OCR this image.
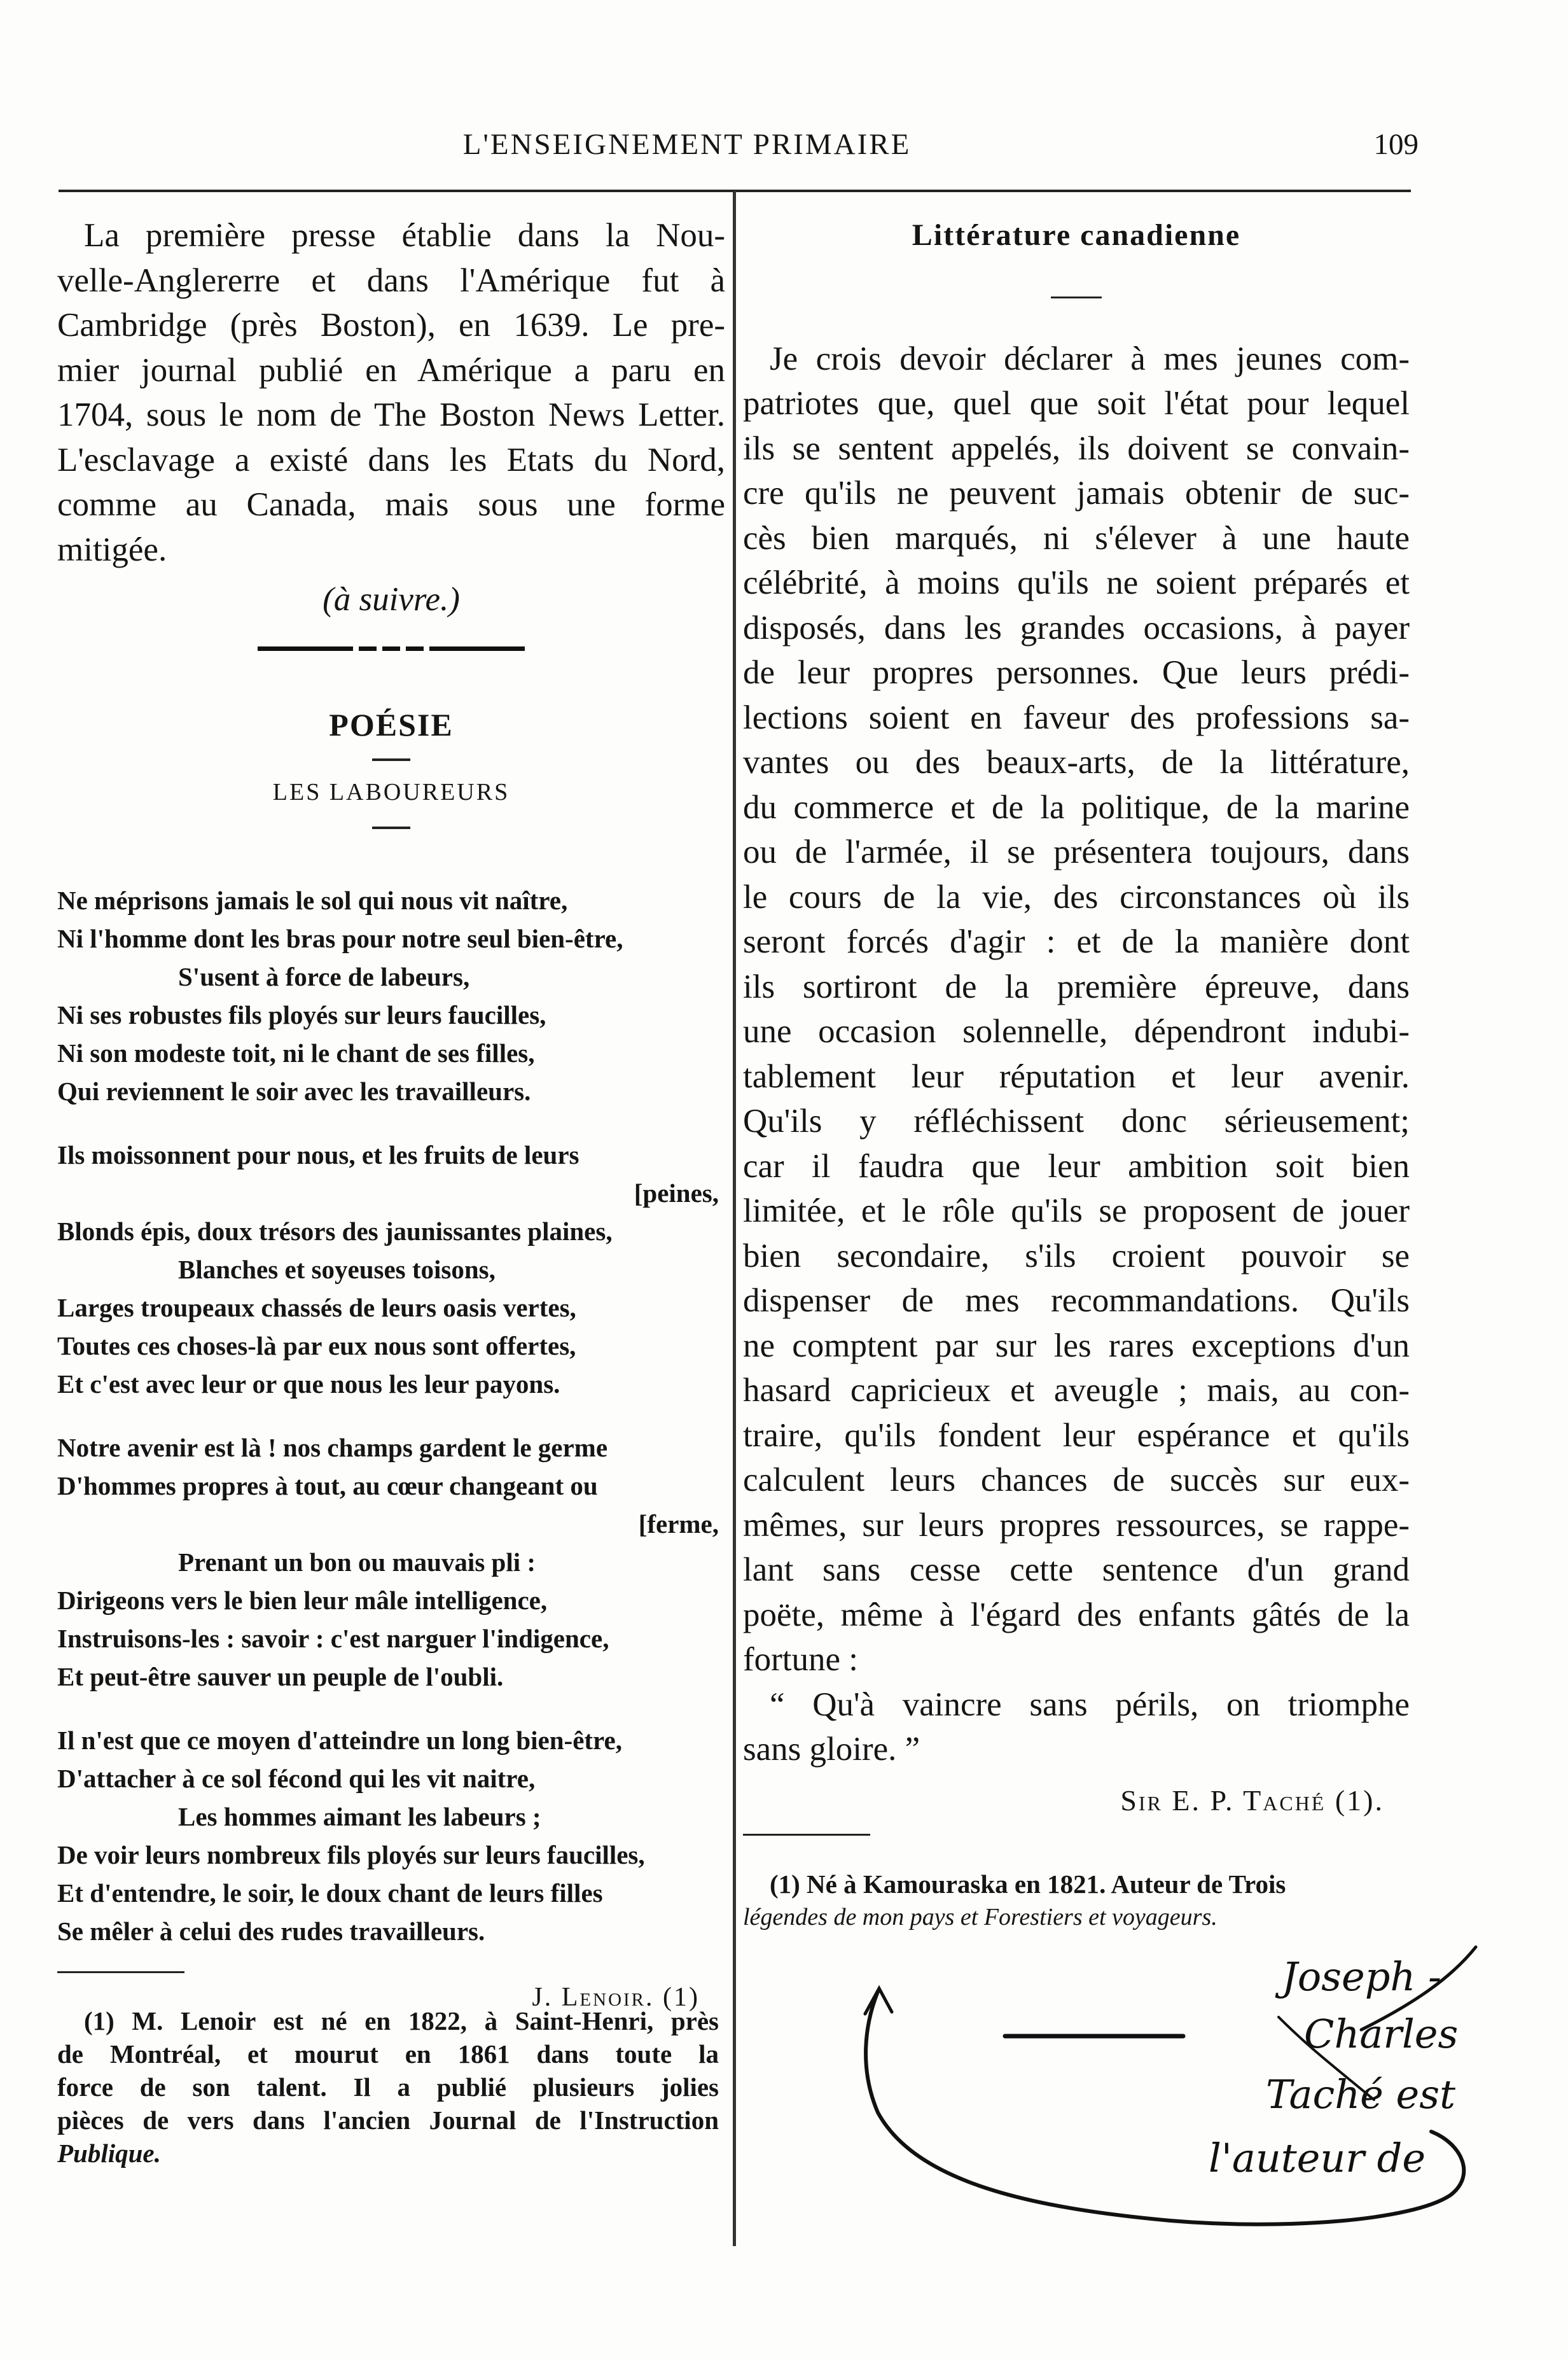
L'ENSEIGNEMENT PRIMAIRE	109
La première presse établie dans la Nou-
velle-Anglererre et dans l'Amérique fut à
Cambridge (près Boston), en 1639. Le pre-
mier journal publié en Amérique a paru en
1704, sous le nom de The Boston News Letter.
L'esclavage a existé dans les Etats du Nord,
comme au Canada, mais sous une forme
mitigée.
(à suivre.)
POÉSIE
LES LABOUREURS
Ne méprisons jamais le sol qui nous vit naître,
Ni l'homme dont les bras pour notre seul bien-être,
S'usent à force de labeurs,
Ni ses robustes fils ployés sur leurs faucilles,
Ni son modeste toit, ni le chant de ses filles,
Qui reviennent le soir avec les travailleurs.
Ils moissonnent pour nous, et les fruits de leurs
[peines,
Blonds épis, doux trésors des jaunissantes plaines,
Blanches et soyeuses toisons,
Larges troupeaux chassés de leurs oasis vertes,
Toutes ces choses-là par eux nous sont offertes,
Et c'est avec leur or que nous les leur payons.
Notre avenir est là ! nos champs gardent le germe
D'hommes propres à tout, au cœur changeant ou
[ferme,
Prenant un bon ou mauvais pli :
Dirigeons vers le bien leur mâle intelligence,
Instruisons-les : savoir : c'est narguer l'indigence,
Et peut-être sauver un peuple de l'oubli.
Il n'est que ce moyen d'atteindre un long bien-être,
D'attacher à ce sol fécond qui les vit naitre,
Les hommes aimant les labeurs ;
De voir leurs nombreux fils ployés sur leurs faucilles,
Et d'entendre, le soir, le doux chant de leurs filles
Se mêler à celui des rudes travailleurs.
J. Lenoir. (1)
(1) M. Lenoir est né en 1822, à Saint-Henri, près
de Montréal, et mourut en 1861 dans toute la
force de son talent. Il a publié plusieurs jolies
pièces de vers dans l'ancien Journal de l'Instruction
Publique.
Littérature canadienne
Je crois devoir déclarer à mes jeunes com-
patriotes que, quel que soit l'état pour lequel
ils se sentent appelés, ils doivent se convain-
cre qu'ils ne peuvent jamais obtenir de suc-
cès bien marqués, ni s'élever à une haute
célébrité, à moins qu'ils ne soient préparés et
disposés, dans les grandes occasions, à payer
de leur propres personnes. Que leurs prédi-
lections soient en faveur des professions sa-
vantes ou des beaux-arts, de la littérature,
du commerce et de la politique, de la marine
ou de l'armée, il se présentera toujours, dans
le cours de la vie, des circonstances où ils
seront forcés d'agir : et de la manière dont
ils sortiront de la première épreuve, dans
une occasion solennelle, dépendront indubi-
tablement leur réputation et leur avenir.
Qu'ils y réfléchissent donc sérieusement;
car il faudra que leur ambition soit bien
limitée, et le rôle qu'ils se proposent de jouer
bien secondaire, s'ils croient pouvoir se
dispenser de mes recommandations. Qu'ils
ne comptent par sur les rares exceptions d'un
hasard capricieux et aveugle ; mais, au con-
traire, qu'ils fondent leur espérance et qu'ils
calculent leurs chances de succès sur eux-
mêmes, sur leurs propres ressources, se rappe-
lant sans cesse cette sentence d'un grand
poëte, même à l'égard des enfants gâtés de la
fortune :
“ Qu'à vaincre sans périls, on triomphe
sans gloire. ”
Sir E. P. Taché (1).
(1) Né à Kamouraska en 1821. Auteur de Trois
légendes de mon pays et Forestiers et voyageurs.
Joseph -
Charles
Taché est
l'auteur de
